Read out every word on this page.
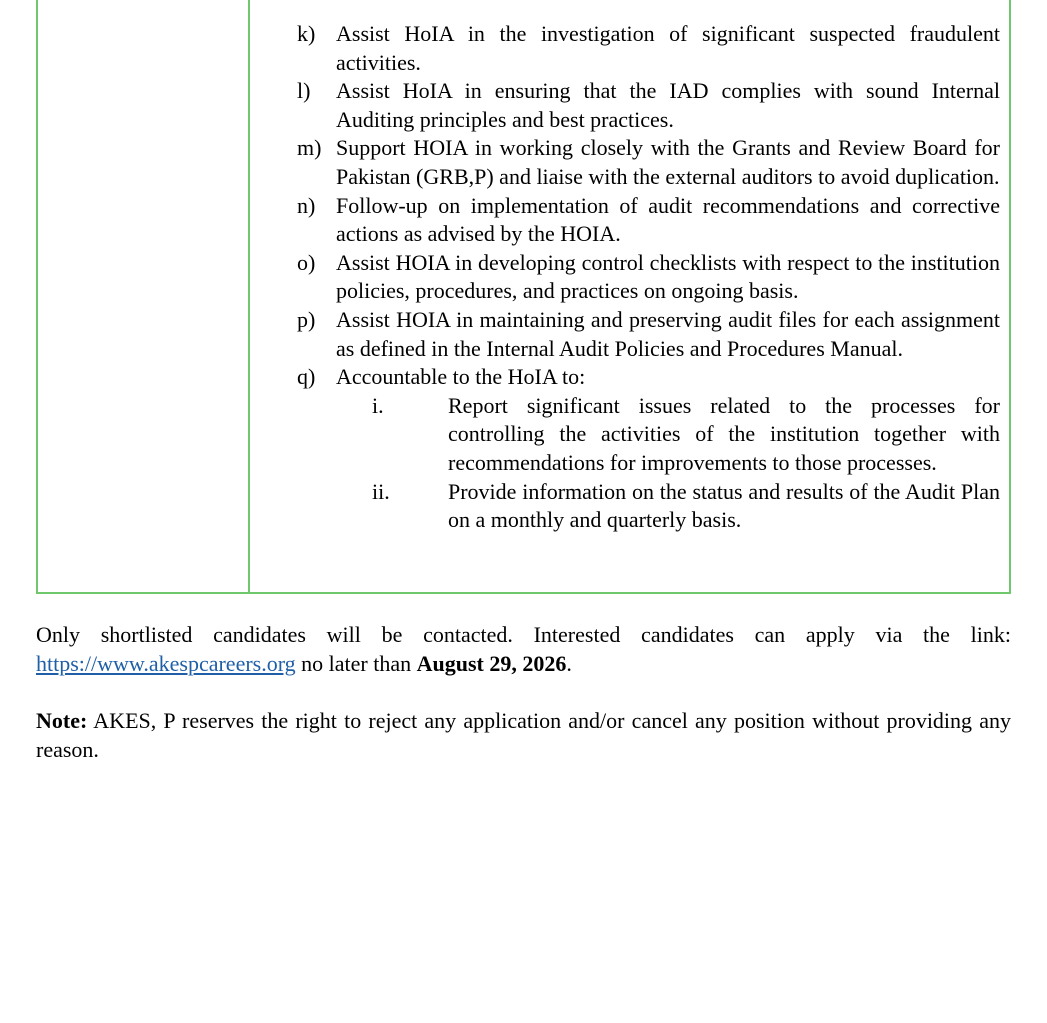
k) Assist HoIA in the investigation of significant suspected fraudulent activities.
l)	Assist HoIA in ensuring that the IAD complies with sound Internal Auditing principles and best practices.
m) Support HOIA in working closely with the Grants and Review Board for Pakistan (GRB,P) and liaise with the external auditors to avoid duplication.
n) Follow-up on implementation of audit recommendations and corrective actions as advised by the HOIA.
o) Assist HOIA in developing control checklists with respect to the institution policies, procedures, and practices on ongoing basis.
p) Assist HOIA in maintaining and preserving audit files for each assignment as defined in the Internal Audit Policies and Procedures Manual.
q) Accountable to the HoIA to:
i.	Report significant issues related to the processes for controlling the activities of the institution together with recommendations for improvements to those processes.
ii.	Provide information on the status and results of the Audit Plan on a monthly and quarterly basis.
Only shortlisted candidates will be contacted. Interested candidates can apply via the link: https://www.akespcareers.org no later than August 29, 2026.
Note: AKES, P reserves the right to reject any application and/or cancel any position without providing any reason.
